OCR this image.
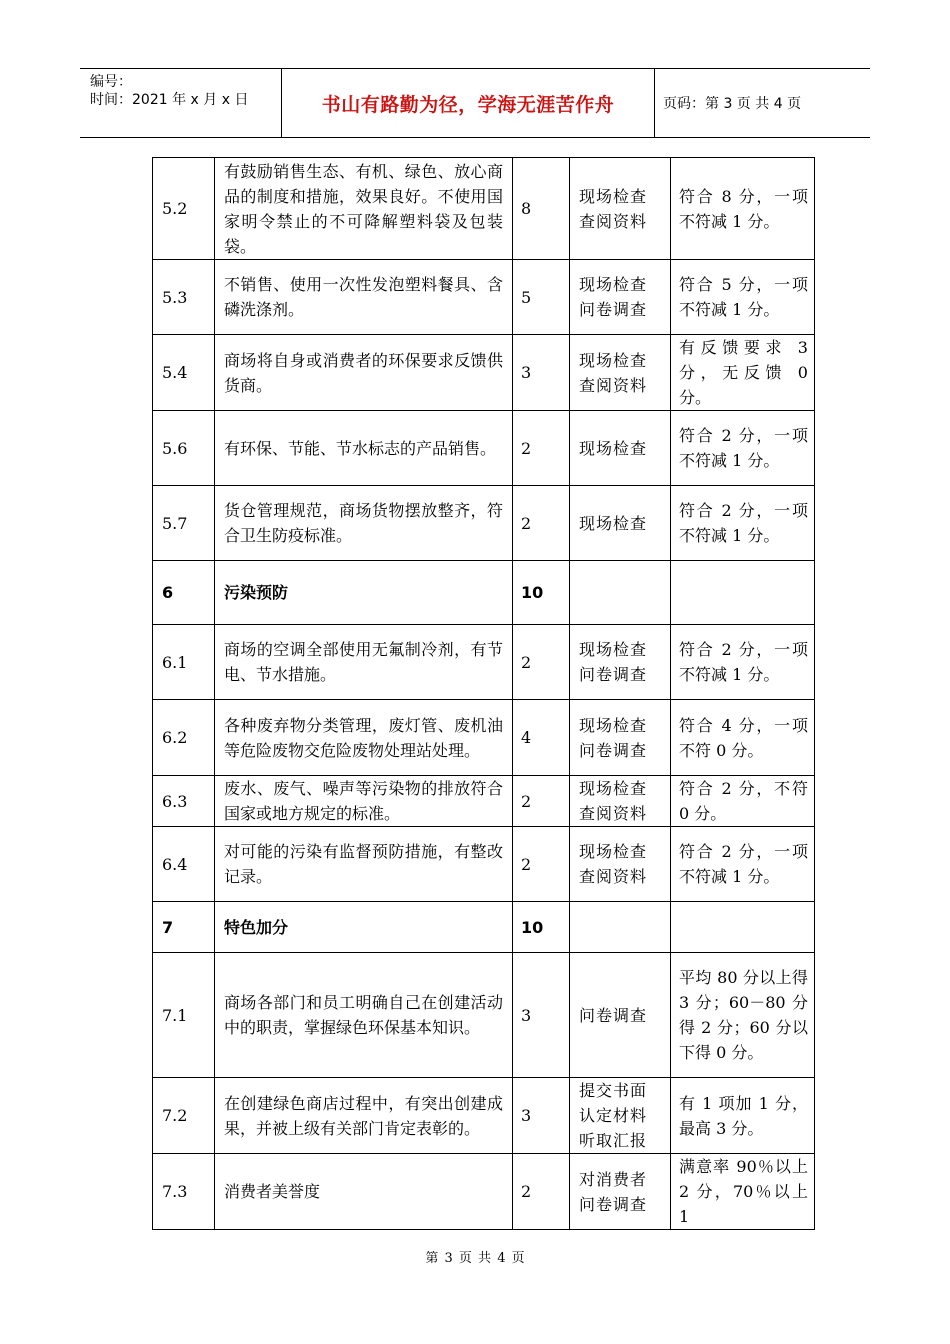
编号：
时间：2021 年 x 月 x 日	书山有路勤为径，学海无涯苦作舟	页码：第 3 页 共 4 页
5.2	有鼓励销售生态、有机、绿色、放心商品的制度和措施，效果良好。不使用国家明令禁止的不可降解塑料袋及包装袋。	8	现场检查查阅资料	符合 8 分，一项不符减 1 分。
5.3	不销售、使用一次性发泡塑料餐具、含磷洗涤剂。	5	现场检查问卷调查	符合 5 分，一项不符减 1 分。
5.4	商场将自身或消费者的环保要求反馈供货商。	3	现场检查查阅资料	有反馈要求 3 分，无反馈 0 分。
5.6	有环保、节能、节水标志的产品销售。	2	现场检查	符合 2 分，一项不符减 1 分。
5.7	货仓管理规范，商场货物摆放整齐，符合卫生防疫标准。	2	现场检查	符合 2 分，一项不符减 1 分。
6	污染预防	10		
6.1	商场的空调全部使用无氟制冷剂，有节电、节水措施。	2	现场检查问卷调查	符合 2 分，一项不符减 1 分。
6.2	各种废弃物分类管理，废灯管、废机油等危险废物交危险废物处理站处理。	4	现场检查问卷调查	符合 4 分，一项不符 0 分。
6.3	废水、废气、噪声等污染物的排放符合国家或地方规定的标准。	2	现场检查查阅资料	符合 2 分，不符 0 分。
6.4	对可能的污染有监督预防措施，有整改记录。	2	现场检查查阅资料	符合 2 分，一项不符减 1 分。
7	特色加分	10		
7.1	商场各部门和员工明确自己在创建活动中的职责，掌握绿色环保基本知识。	3	问卷调查	平均 80 分以上得 3 分；60－80 分得 2 分；60 分以下得 0 分。
7.2	在创建绿色商店过程中，有突出创建成果，并被上级有关部门肯定表彰的。	3	提交书面认定材料听取汇报	有 1 项加 1 分，最高 3 分。
7.3	消费者美誉度	2	对消费者问卷调查	满意率 90％以上 2 分，70％以上 1
第 3 页 共 4 页
